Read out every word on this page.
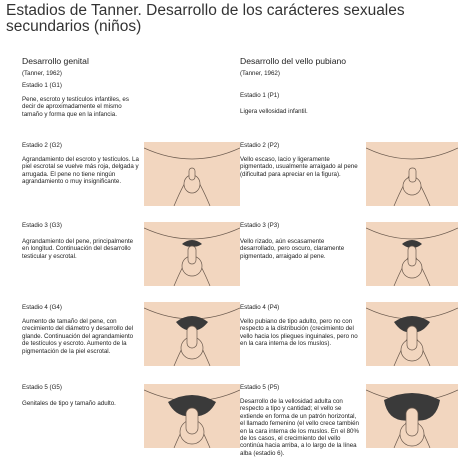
Estadios de Tanner. Desarrollo de los carácteres sexuales secundarios (niños)
Desarrollo genital
(Tanner, 1962)
Desarrollo del vello pubiano
(Tanner, 1962)
Estadio 1 (G1)
Pene, escroto y testículos infantiles, es decir de aproximadamente el mismo tamaño y forma que en la infancia.
Estadio 2 (G2)
Agrandamiento del escroto y testículos. La piel escrotal se vuelve más roja, delgada y arrugada. El pene no tiene ningún agrandamiento o muy insignificante.
Estadio 3 (G3)
Agrandamiento del pene, principalmente en longitud. Continuación del desarrollo testicular y escrotal.
Estadio 4 (G4)
Aumento de tamaño del pene, con crecimiento del diámetro y desarrollo del glande. Continuación del agrandamiento de testículos y escroto. Aumento de la pigmentación de la piel escrotal.
Estadio 5 (G5)
Genitales de tipo y tamaño adulto.
Estadio 1 (P1)
Ligera vellosidad infantil.
Estadio 2 (P2)
Vello escaso, lacio y ligeramente pigmentado, usualmente arraigado al pene (dificultad para apreciar en la figura).
Estadio 3 (P3)
Vello rizado, aún escasamente desarrollado, pero oscuro, claramente pigmentado, arraigado al pene.
Estadio 4 (P4)
Vello pubiano de tipo adulto, pero no con respecto a la distribución (crecimiento del vello hacia los pliegues inguinales, pero no en la cara interna de los muslos).
Estadio 5 (P5)
Desarrollo de la vellosidad adulta con respecto a tipo y cantidad; el vello se extiende en forma de un patrón horizontal, el llamado femenino (el vello crece también en la cara interna de los muslos. En el 80% de los casos, el crecimiento del vello continúa hacia arriba, a lo largo de la línea alba (estadio 6).
